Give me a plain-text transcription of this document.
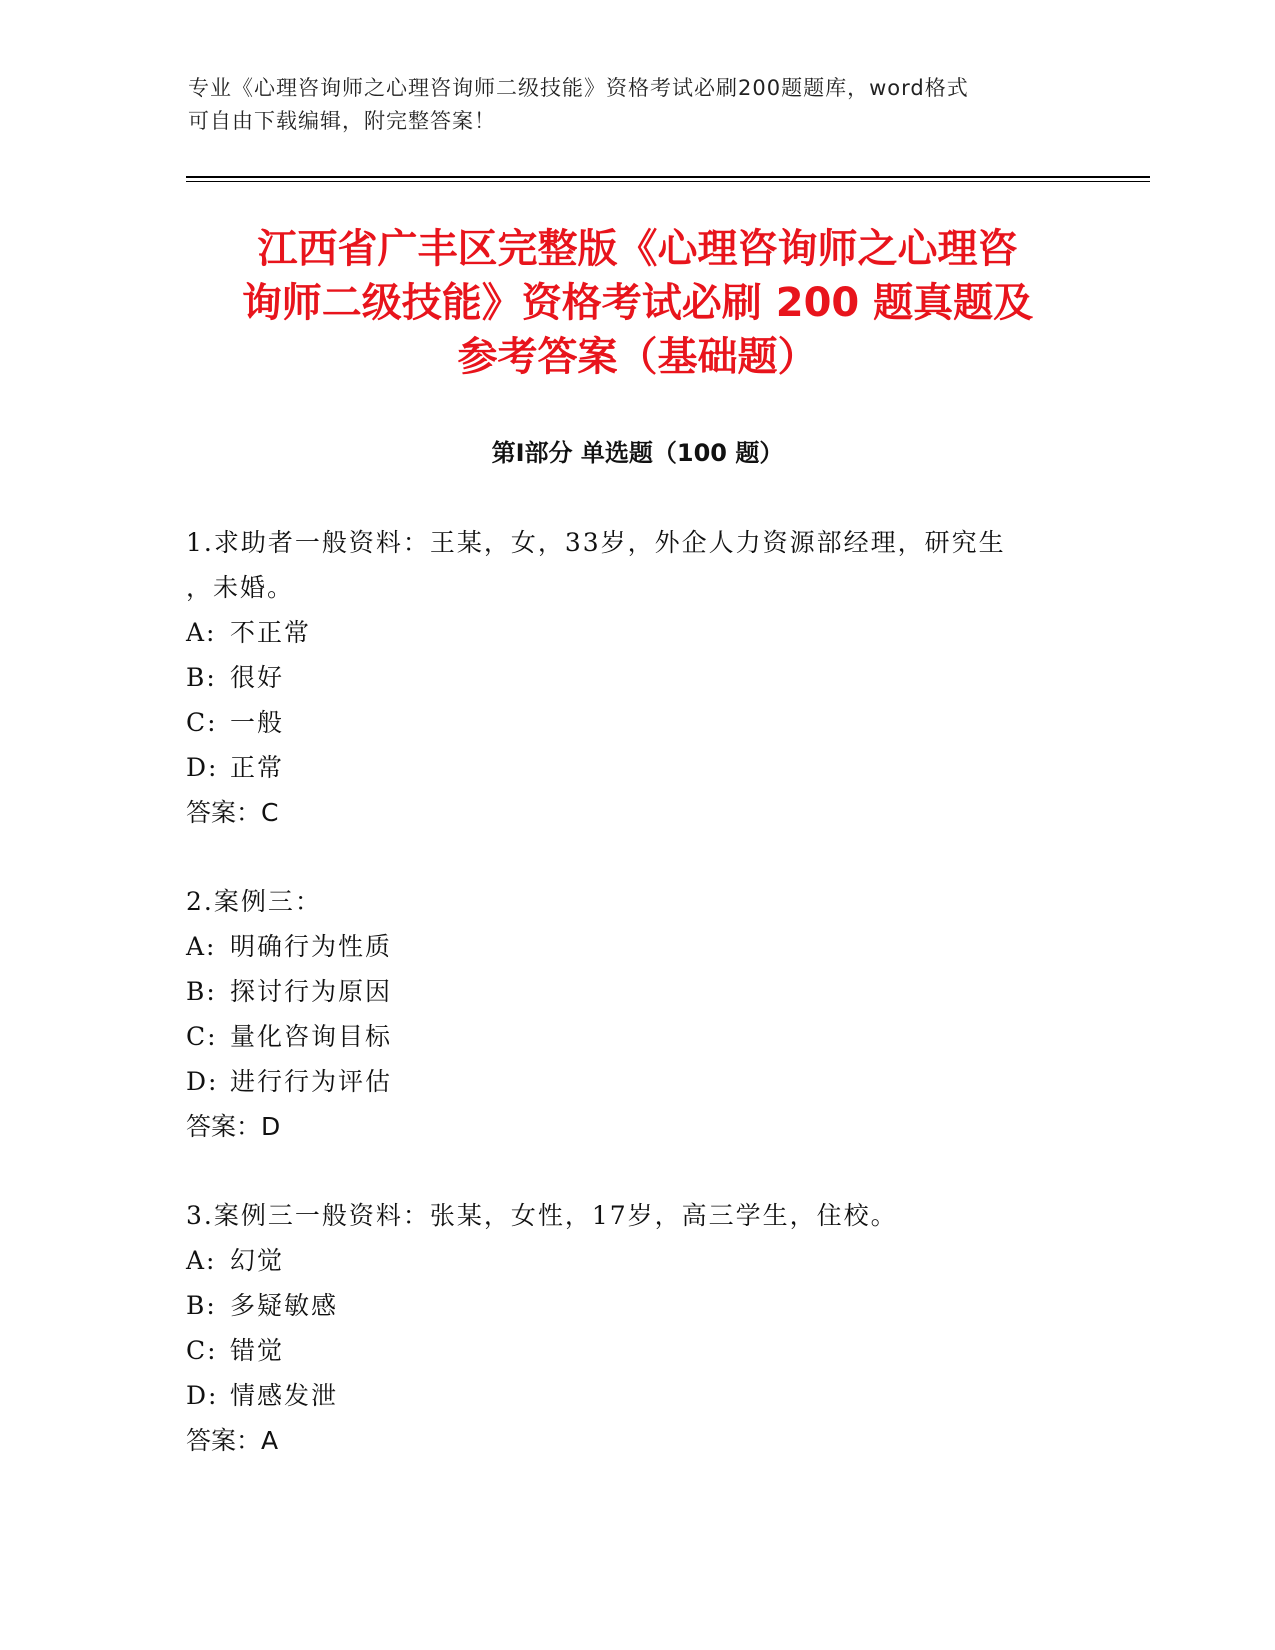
专业《心理咨询师之心理咨询师二级技能》资格考试必刷200题题库，word格式
可自由下载编辑，附完整答案！
江西省广丰区完整版《心理咨询师之心理咨
询师二级技能》资格考试必刷 200 题真题及
参考答案（基础题）
第Ⅰ部分 单选题（100 题）
1.求助者一般资料：王某，女，33岁，外企人力资源部经理，研究生
，未婚。
A: 不正常
B: 很好
C: 一般
D: 正常
答案：C
2.案例三：
A: 明确行为性质
B: 探讨行为原因
C: 量化咨询目标
D: 进行行为评估
答案：D
3.案例三一般资料：张某，女性，17岁，高三学生，住校。
A: 幻觉
B: 多疑敏感
C: 错觉
D: 情感发泄
答案：A
